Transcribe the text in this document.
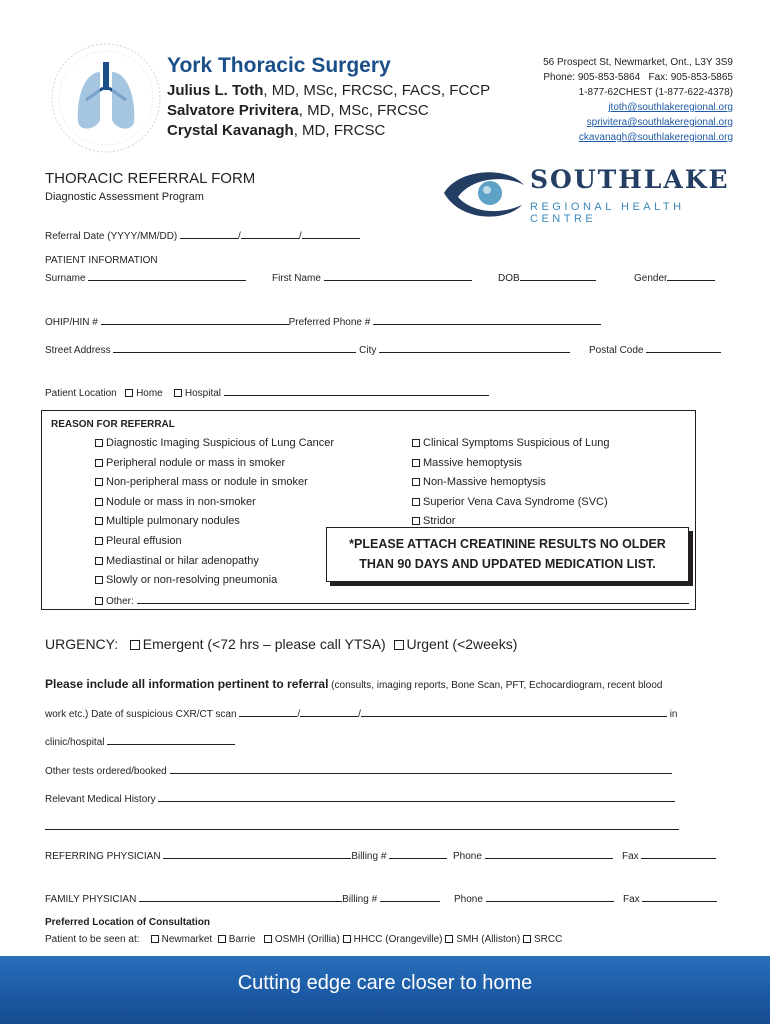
York Thoracic Surgery
Julius L. Toth, MD, MSc, FRCSC, FACS, FCCP
Salvatore Privitera, MD, MSc, FRCSC
Crystal Kavanagh, MD, FRCSC
56 Prospect St, Newmarket, Ont., L3Y 3S9
Phone: 905-853-5864 Fax: 905-853-5865
1-877-62CHEST (1-877-622-4378)
jtoth@southlakeregional.org
sprivitera@southlakeregional.org
ckavanagh@southlakeregional.org
THORACIC REFERRAL FORM
Diagnostic Assessment Program
SOUTHLAKE
REGIONAL HEALTH CENTRE
Referral Date (YYYY/MM/DD)	/	/
PATIENT INFORMATION
Surname	First Name	DOB	Gender
OHIP/HIN #	Preferred Phone #
Street Address	City	Postal Code
Patient Location Home Hospital
REASON FOR REFERRAL
Diagnostic Imaging Suspicious of Lung Cancer
Peripheral nodule or mass in smoker
Non-peripheral mass or nodule in smoker
Nodule or mass in non-smoker
Multiple pulmonary nodules
Pleural effusion
Mediastinal or hilar adenopathy
Slowly or non-resolving pneumonia
Clinical Symptoms Suspicious of Lung
Massive hemoptysis
Non-Massive hemoptysis
Superior Vena Cava Syndrome (SVC)
Stridor
Other:
*PLEASE ATTACH CREATININE RESULTS NO OLDER
THAN 90 DAYS AND UPDATED MEDICATION LIST.
URGENCY: Emergent (<72 hrs – please call YTSA) Urgent (<2weeks)
Please include all information pertinent to referral (consults, imaging reports, Bone Scan, PFT, Echocardiogram, recent blood
work etc.) Date of suspicious CXR/CT scan	/	/	in
clinic/hospital
Other tests ordered/booked
Relevant Medical History
REFERRING PHYSICIAN	Billing #	Phone	Fax
FAMILY PHYSICIAN	Billing #	Phone	Fax
Preferred Location of Consultation
Patient to be seen at: Newmarket Barrie OSMH (Orillia) HHCC (Orangeville) SMH (Alliston) SRCC
Cutting edge care closer to home
